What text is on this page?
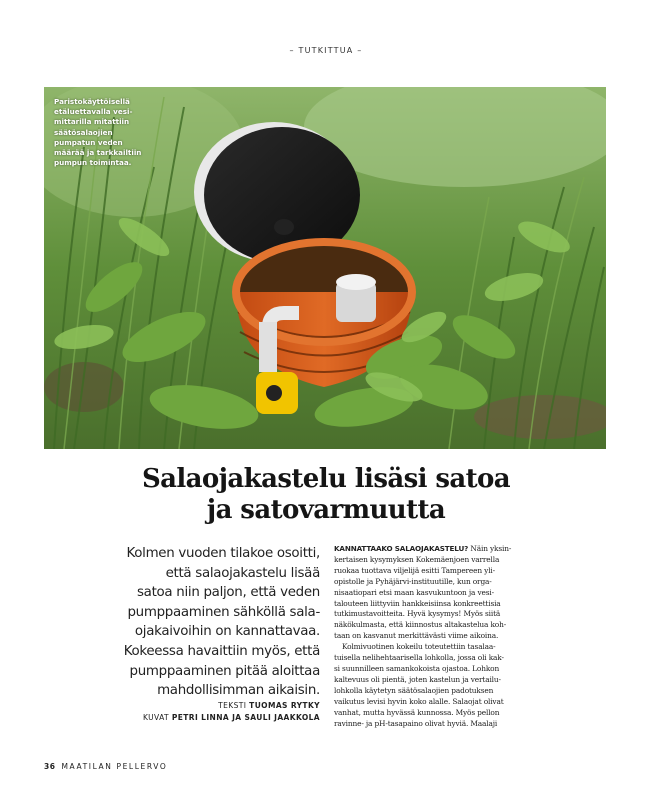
– TUTKITTUA –
Paristokäyttöisellä
etäluettavalla vesi-
mittarilla mitattiin
säätösalaojien
pumpatun veden
määrää ja tarkkailtiin
pumpun toimintaa.
Salaojakastelu lisäsi satoa
ja satovarmuutta
Kolmen vuoden tilakoe osoitti,
että salaojakastelu lisää
satoa niin paljon, että veden
pumppaaminen sähköllä sala-
ojakaivoihin on kannattavaa.
Kokeessa havaittiin myös, että
pumppaaminen pitää aloittaa
mahdollisimman aikaisin.
TEKSTI TUOMAS RYTKY
KUVAT PETRI LINNA JA SAULI JAAKKOLA
KANNATTAAKO SALAOJAKASTELU? Näin yksin-
kertaisen kysymyksen Kokemäenjoen varrella
ruokaa tuottava viljelijä esitti Tampereen yli-
opistolle ja Pyhäjärvi-instituutille, kun orga-
nisaatiopari etsi maan kasvukuntoon ja vesi-
talouteen liittyviin hankkeisiinsa konkreettisia
tutkimustavoitteita. Hyvä kysymys! Myös siitä
näkökulmasta, että kiinnostus altakastelua koh-
taan on kasvanut merkittävästi viime aikoina.
Kolmivuotinen kokeilu toteutettiin tasalaa-
tuisella nelihehtaarisella lohkolla, jossa oli kak-
si suunnilleen samankokoista ojastoa. Lohkon
kaltevuus oli pientä, joten kastelun ja vertailu-
lohkolla käytetyn säätösalaojien padotuksen
vaikutus levisi hyvin koko alalle. Salaojat olivat
vanhat, mutta hyvässä kunnossa. Myös pellon
ravinne- ja pH-tasapaino olivat hyviä. Maalaji
36 MAATILAN PELLERVO
